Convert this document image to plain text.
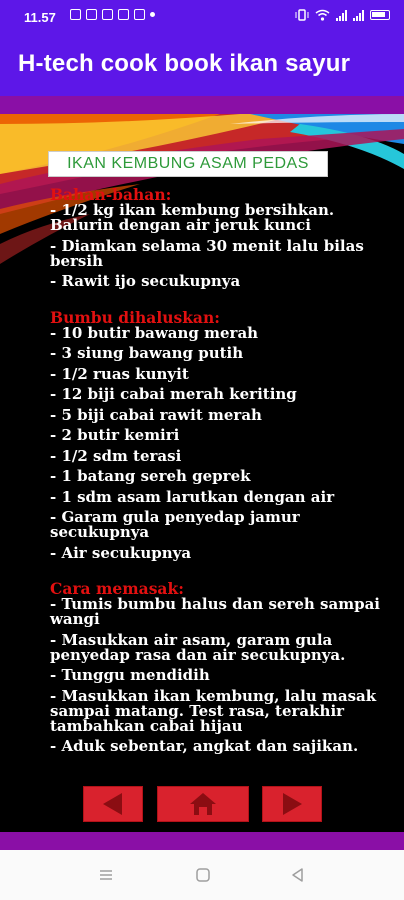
11.57
H-tech cook book ikan sayur
IKAN KEMBUNG ASAM PEDAS

Bahan-bahan:

- 1/2 kg ikan kembung bersihkan. Balurin dengan air jeruk kunci

- Diamkan selama 30 menit lalu bilas bersih

- Rawit ijo secukupnya

Bumbu dihaluskan:

- 10 butir bawang merah

- 3 siung bawang putih

- 1/2 ruas kunyit

- 12 biji cabai merah keriting

- 5 biji cabai rawit merah

- 2 butir kemiri

- 1/2 sdm terasi

- 1 batang sereh geprek

- 1 sdm asam larutkan dengan air

- Garam gula penyedap jamur secukupnya

- Air secukupnya

Cara memasak:

- Tumis bumbu halus dan sereh sampai wangi

- Masukkan air asam, garam gula penyedap rasa dan air secukupnya.

- Tunggu mendidih

- Masukkan ikan kembung, lalu masak sampai matang. Test rasa, terakhir tambahkan cabai hijau

- Aduk sebentar, angkat dan sajikan.
